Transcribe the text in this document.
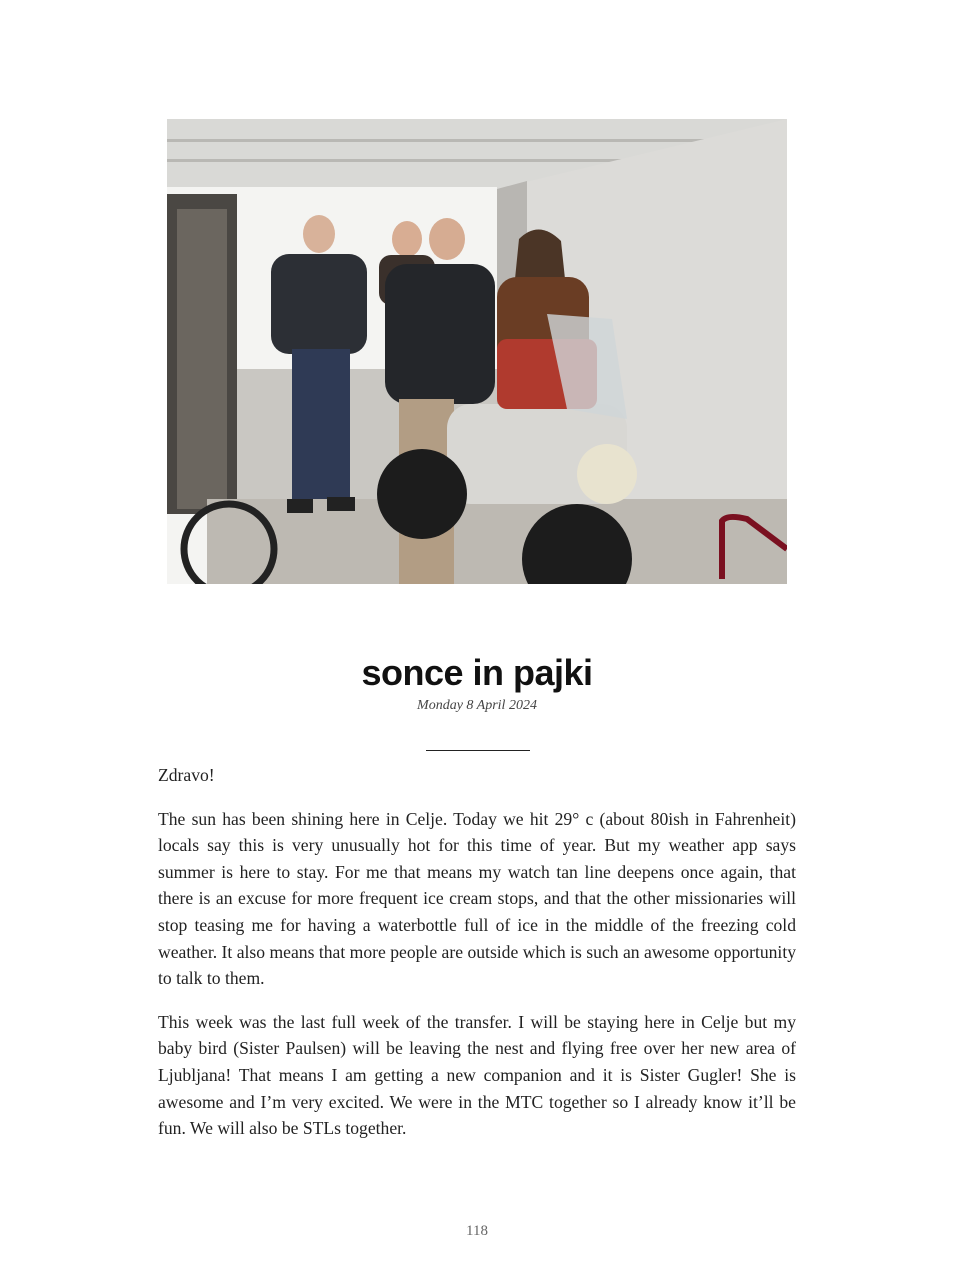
sonce in pajki
Monday 8 April 2024

Zdravo!

The sun has been shining here in Celje. Today we hit 29° c (about 80ish in Fahrenheit) locals say this is very unusually hot for this time of year. But my weather app says summer is here to stay. For me that means my watch tan line deepens once again, that there is an excuse for more frequent ice cream stops, and that the other missionaries will stop teasing me for having a waterbottle full of ice in the middle of the freezing cold weather. It also means that more people are outside which is such an awesome opportunity to talk to them.

This week was the last full week of the transfer. I will be staying here in Celje but my baby bird (Sister Paulsen) will be leaving the nest and flying free over her new area of Ljubljana! That means I am getting a new companion and it is Sister Gugler! She is awesome and I’m very excited. We were in the MTC together so I already know it’ll be fun. We will also be STLs together.

118
